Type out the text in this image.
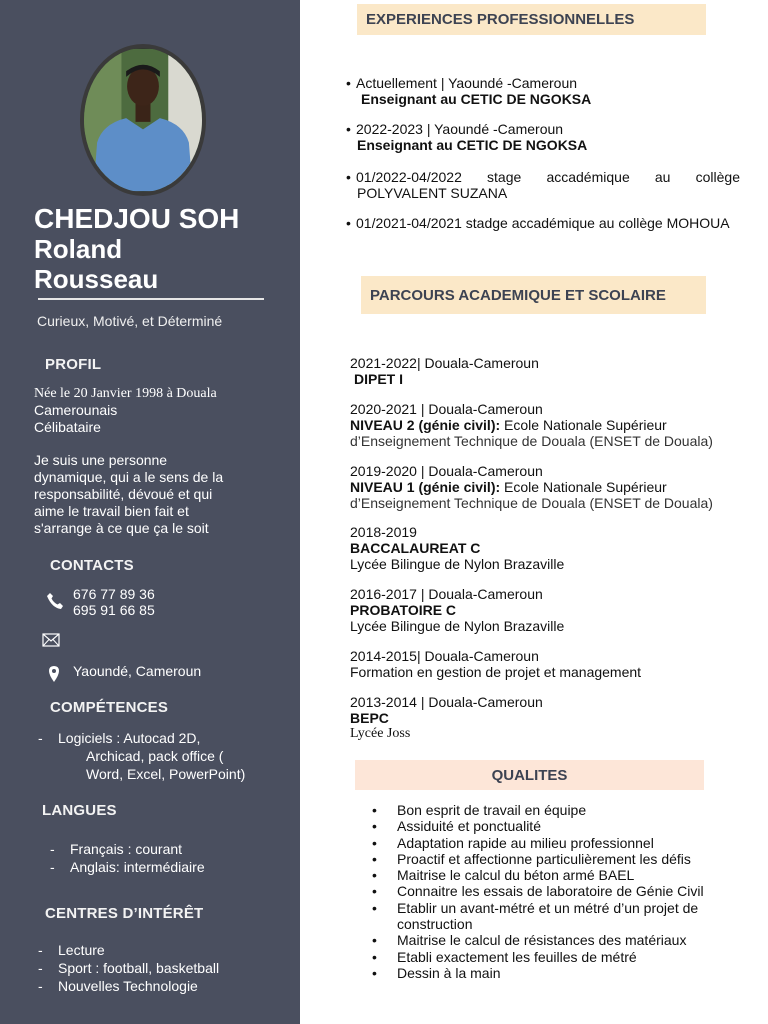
CHEDJOU SOH
Roland
Rousseau
Curieux, Motivé, et Déterminé
PROFIL
Née le 20 Janvier 1998 à Douala
Camerounais
Célibataire
Je suis une personne
dynamique, qui a le sens de la
responsabilité, dévoué et qui
aime le travail bien fait et
s'arrange à ce que ça le soit
CONTACTS
676 77 89 36
695 91 66 85
Yaoundé, Cameroun
COMPÉTENCES
- Logiciels : Autocad 2D,
Archicad, pack office (
Word, Excel, PowerPoint)
LANGUES
- Français : courant
- Anglais: intermédiaire
CENTRES D’INTÉRÊT
- Lecture
- Sport : football, basketball
- Nouvelles Technologie
EXPERIENCES PROFESSIONNELLES
• Actuellement | Yaoundé -Cameroun
Enseignant au CETIC DE NGOKSA
• 2022-2023 | Yaoundé -Cameroun
Enseignant au CETIC DE NGOKSA
• 01/2022-04/2022 stage accadémique au collège
POLYVALENT SUZANA
• 01/2021-04/2021 stadge accadémique au collège MOHOUA
PARCOURS ACADEMIQUE ET SCOLAIRE
2021-2022| Douala-Cameroun
DIPET I
2020-2021 | Douala-Cameroun
NIVEAU 2 (génie civil): Ecole Nationale Supérieur
d’Enseignement Technique de Douala (ENSET de Douala)
2019-2020 | Douala-Cameroun
NIVEAU 1 (génie civil): Ecole Nationale Supérieur
d’Enseignement Technique de Douala (ENSET de Douala)
2018-2019
BACCALAUREAT C
Lycée Bilingue de Nylon Brazaville
2016-2017 | Douala-Cameroun
PROBATOIRE C
Lycée Bilingue de Nylon Brazaville
2014-2015| Douala-Cameroun
Formation en gestion de projet et management
2013-2014 | Douala-Cameroun
BEPC
Lycée Joss
QUALITES
• Bon esprit de travail en équipe
• Assiduité et ponctualité
• Adaptation rapide au milieu professionnel
• Proactif et affectionne particulièrement les défis
• Maitrise le calcul du béton armé BAEL
• Connaitre les essais de laboratoire de Génie Civil
• Etablir un avant-métré et un métré d’un projet de construction
• Maitrise le calcul de résistances des matériaux
• Etabli exactement les feuilles de métré
• Dessin à la main
